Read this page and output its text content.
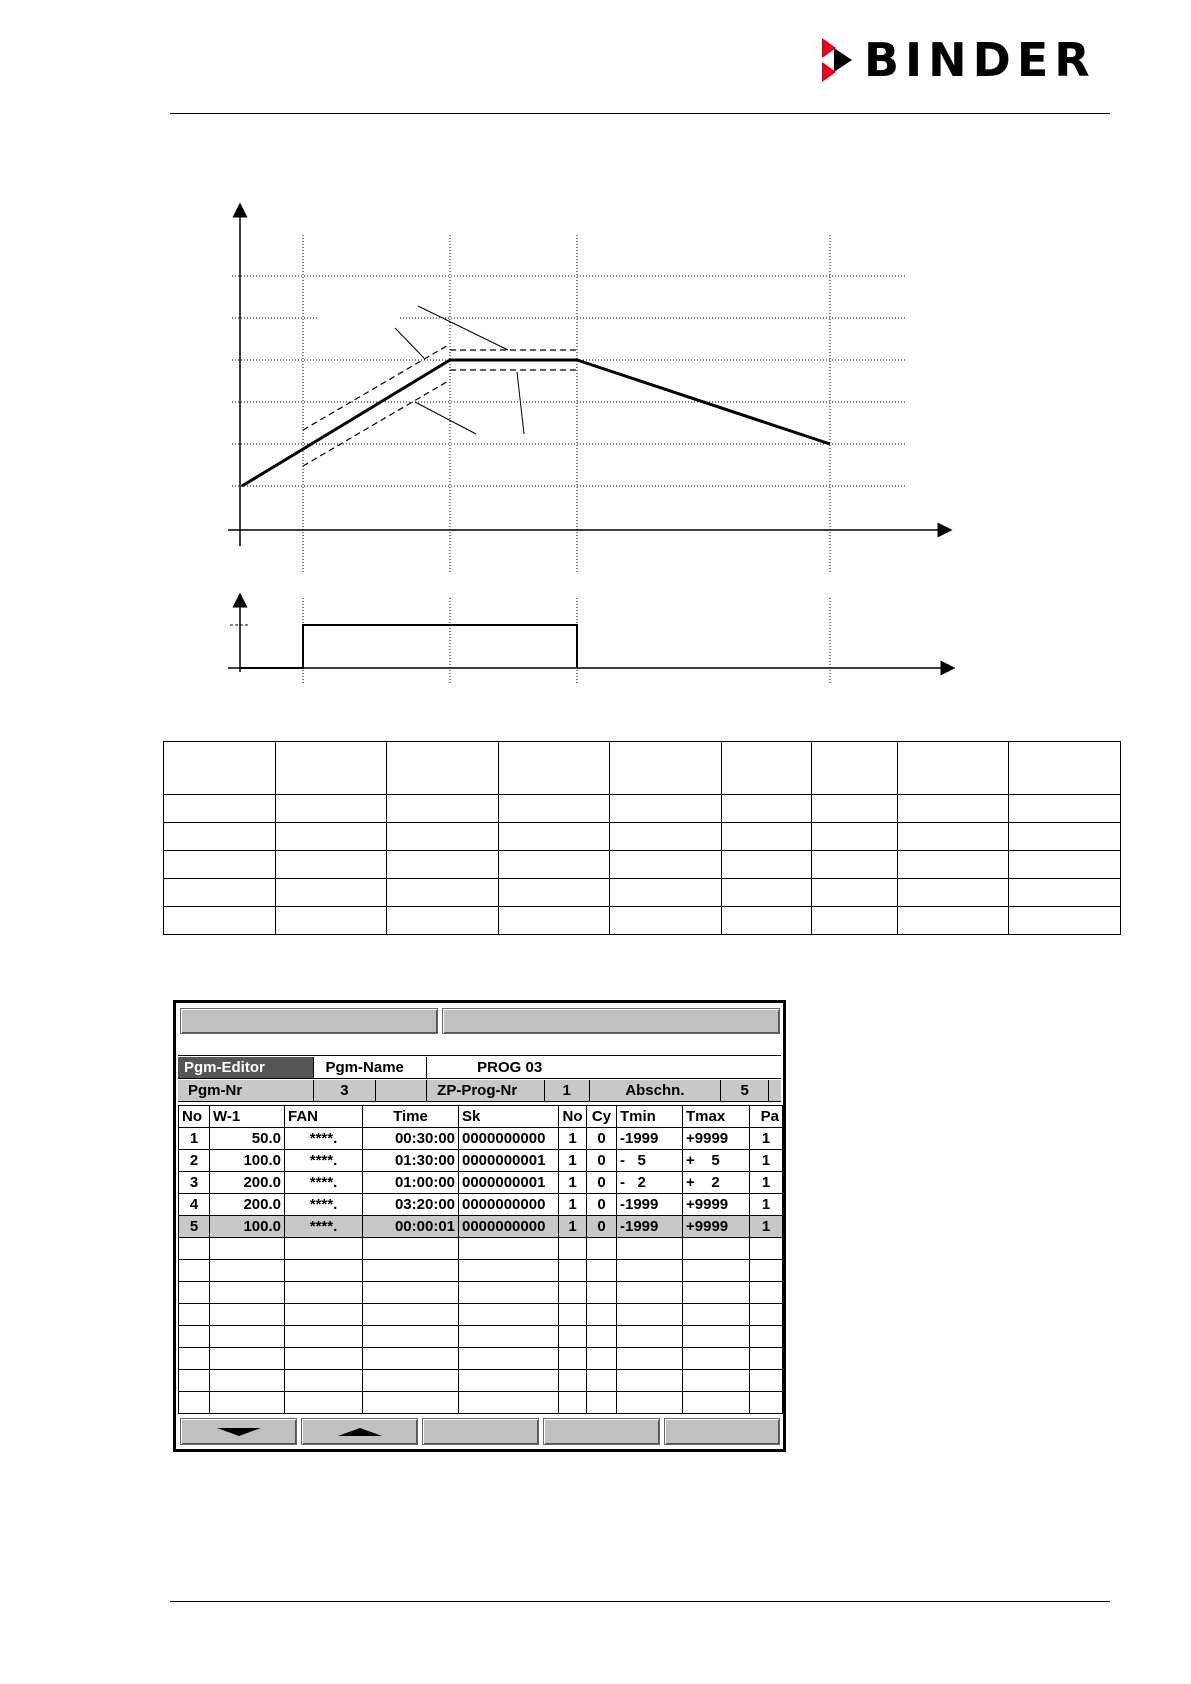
BINDER

Pgm-Editor	Pgm-Name	PROG 03
Pgm-Nr	3	ZP-Prog-Nr	1	Abschn.	5
No	W-1	FAN	Time	Sk	No	Cy	Tmin	Tmax	Pa
1	50.0	****.	00:30:00	0000000000	1	0	-1999	+9999	1
2	100.0	****.	01:30:00	0000000001	1	0	-   5	+    5	1
3	200.0	****.	01:00:00	0000000001	1	0	-   2	+    2	1
4	200.0	****.	03:20:00	0000000000	1	0	-1999	+9999	1
5	100.0	****.	00:00:01	0000000000	1	0	-1999	+9999	1
